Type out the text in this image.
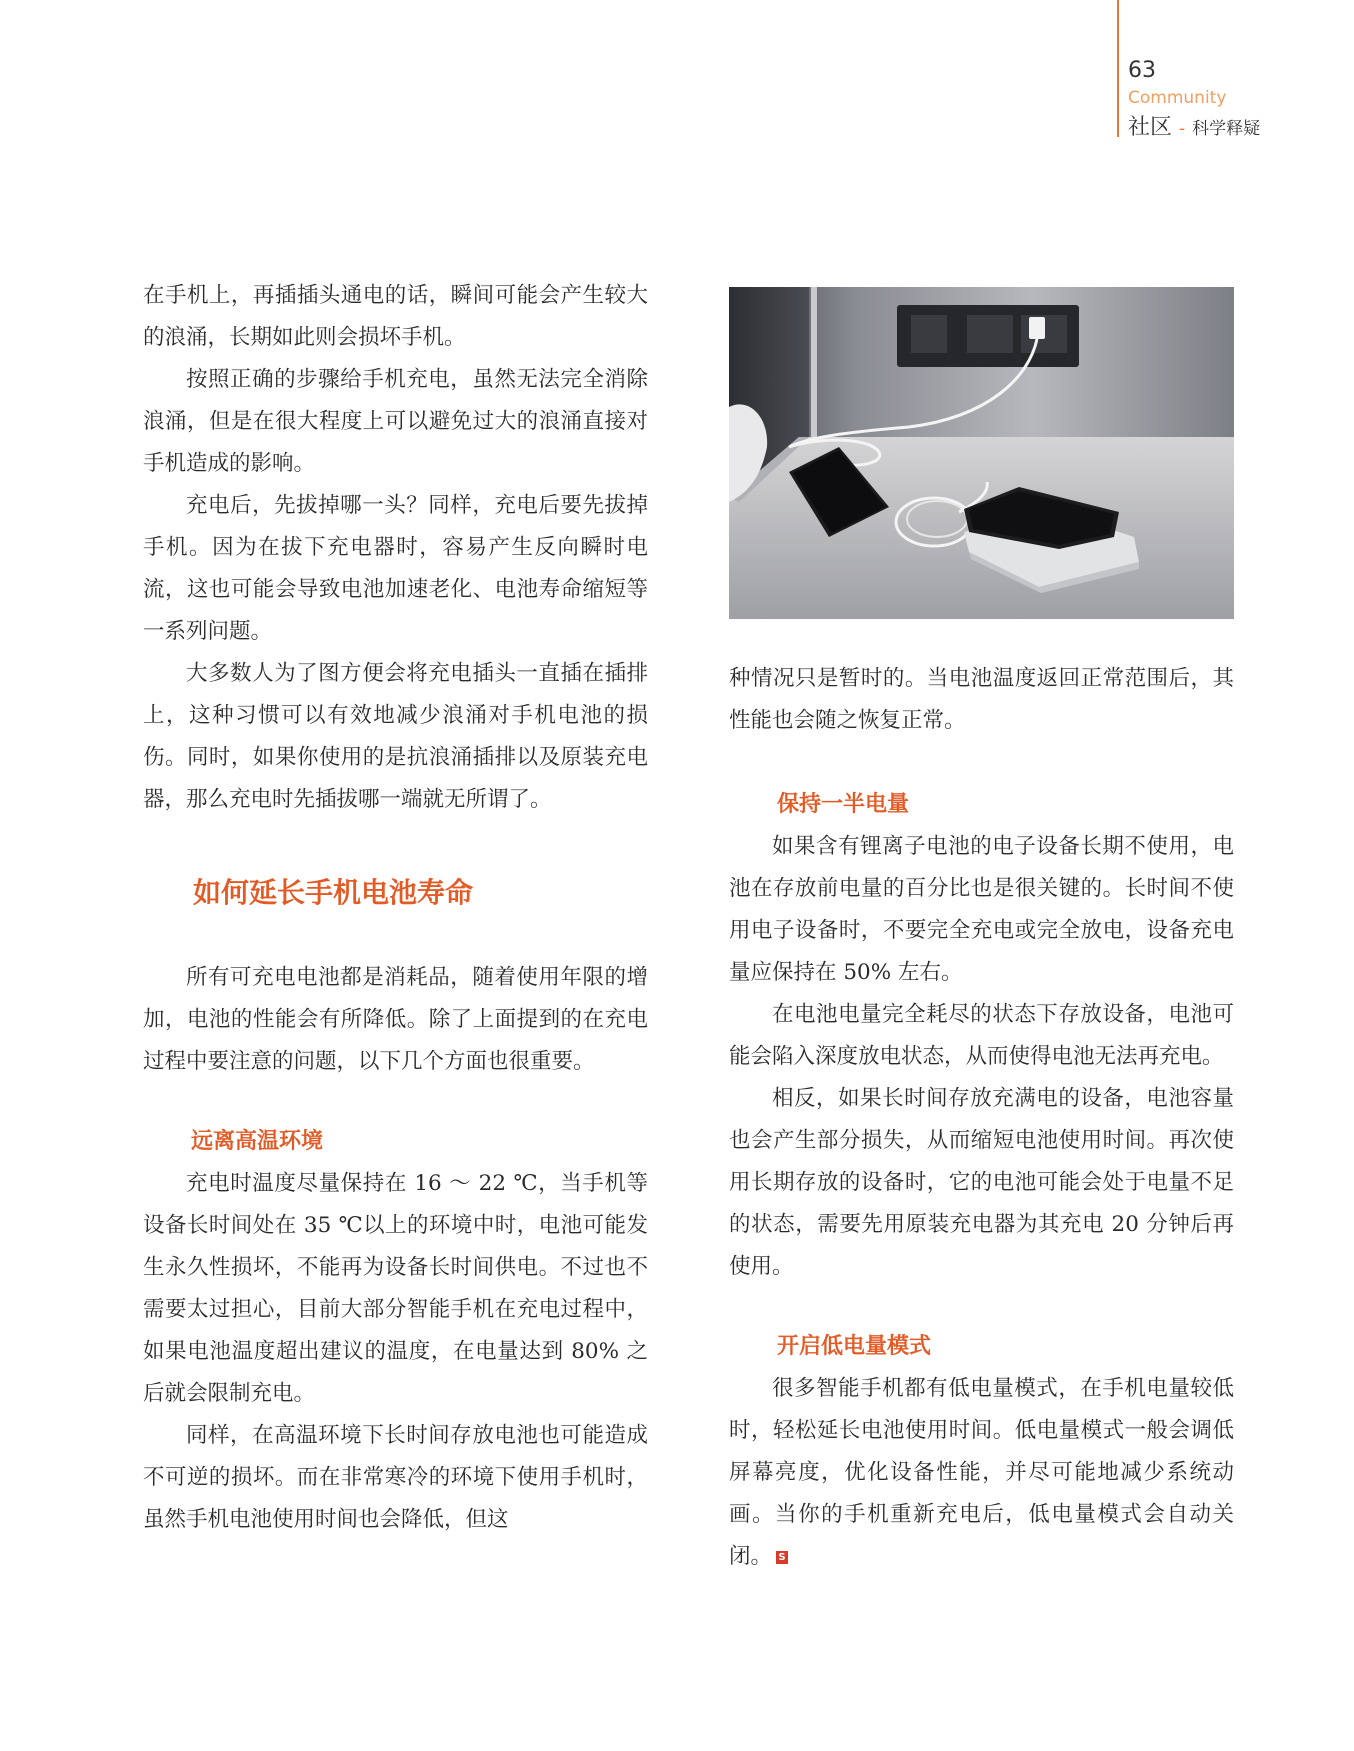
63
Community
社区 - 科学释疑

在手机上，再插插头通电的话，瞬间可能会产生较大的浪涌，长期如此则会损坏手机。

按照正确的步骤给手机充电，虽然无法完全消除浪涌，但是在很大程度上可以避免过大的浪涌直接对手机造成的影响。

充电后，先拔掉哪一头？同样，充电后要先拔掉手机。因为在拔下充电器时，容易产生反向瞬时电流，这也可能会导致电池加速老化、电池寿命缩短等一系列问题。

大多数人为了图方便会将充电插头一直插在插排上，这种习惯可以有效地减少浪涌对手机电池的损伤。同时，如果你使用的是抗浪涌插排以及原装充电器，那么充电时先插拔哪一端就无所谓了。

如何延长手机电池寿命

所有可充电电池都是消耗品，随着使用年限的增加，电池的性能会有所降低。除了上面提到的在充电过程中要注意的问题，以下几个方面也很重要。

远离高温环境

充电时温度尽量保持在 16 ～ 22 ℃，当手机等设备长时间处在 35 ℃以上的环境中时，电池可能发生永久性损坏，不能再为设备长时间供电。不过也不需要太过担心，目前大部分智能手机在充电过程中，如果电池温度超出建议的温度，在电量达到 80% 之后就会限制充电。

同样，在高温环境下长时间存放电池也可能造成不可逆的损坏。而在非常寒冷的环境下使用手机时，虽然手机电池使用时间也会降低，但这

种情况只是暂时的。当电池温度返回正常范围后，其性能也会随之恢复正常。

保持一半电量

如果含有锂离子电池的电子设备长期不使用，电池在存放前电量的百分比也是很关键的。长时间不使用电子设备时，不要完全充电或完全放电，设备充电量应保持在 50% 左右。

在电池电量完全耗尽的状态下存放设备，电池可能会陷入深度放电状态，从而使得电池无法再充电。

相反，如果长时间存放充满电的设备，电池容量也会产生部分损失，从而缩短电池使用时间。再次使用长期存放的设备时，它的电池可能会处于电量不足的状态，需要先用原装充电器为其充电 20 分钟后再使用。

开启低电量模式

很多智能手机都有低电量模式，在手机电量较低时，轻松延长电池使用时间。低电量模式一般会调低屏幕亮度，优化设备性能，并尽可能地减少系统动画。当你的手机重新充电后，低电量模式会自动关闭。 S
